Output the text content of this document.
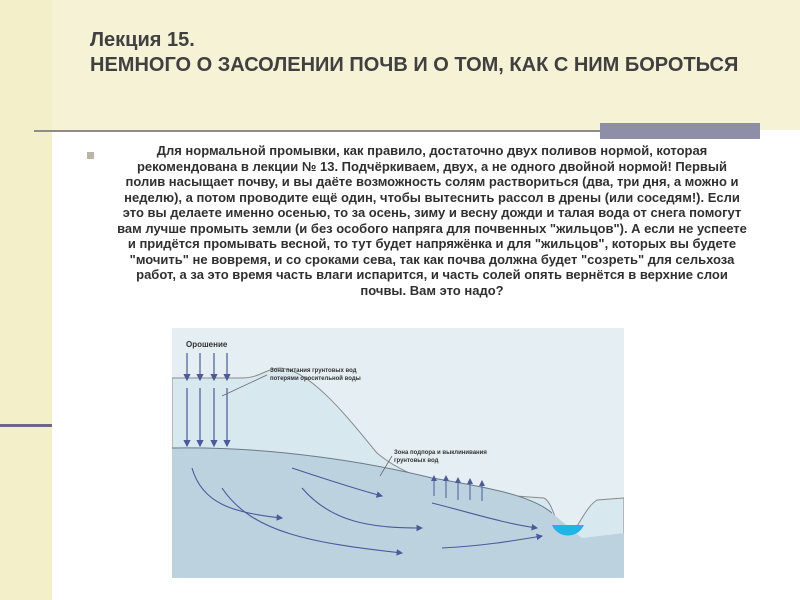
Лекция 15.
НЕМНОГО О ЗАСОЛЕНИИ ПОЧВ И О ТОМ, КАК С НИМ БОРОТЬСЯ
Для нормальной промывки, как правило, достаточно двух поливов нормой, которая рекомендована в лекции № 13. Подчёркиваем, двух, а не одного двойной нормой! Первый полив насыщает почву, и вы даёте возможность солям раствориться (два, три дня, а можно и неделю), а потом проводите ещё один, чтобы вытеснить рассол в дрены (или соседям!). Если это вы делаете именно осенью, то за осень, зиму и весну дожди и талая вода от снега помогут вам лучше промыть земли (и без особого напряга для почвенных "жильцов"). А если не успеете и придётся промывать весной, то тут будет напряжёнка и для "жильцов", которых вы будете "мочить" не вовремя, и со сроками сева, так как почва должна будет "созреть" для сельхоза работ, а за это время часть влаги испарится, и часть солей опять вернётся в верхние слои почвы. Вам это надо?
Орошение
Зона питания грунтовых вод
потерями оросительной воды
Зона подпора и выклинивания
грунтовых вод
